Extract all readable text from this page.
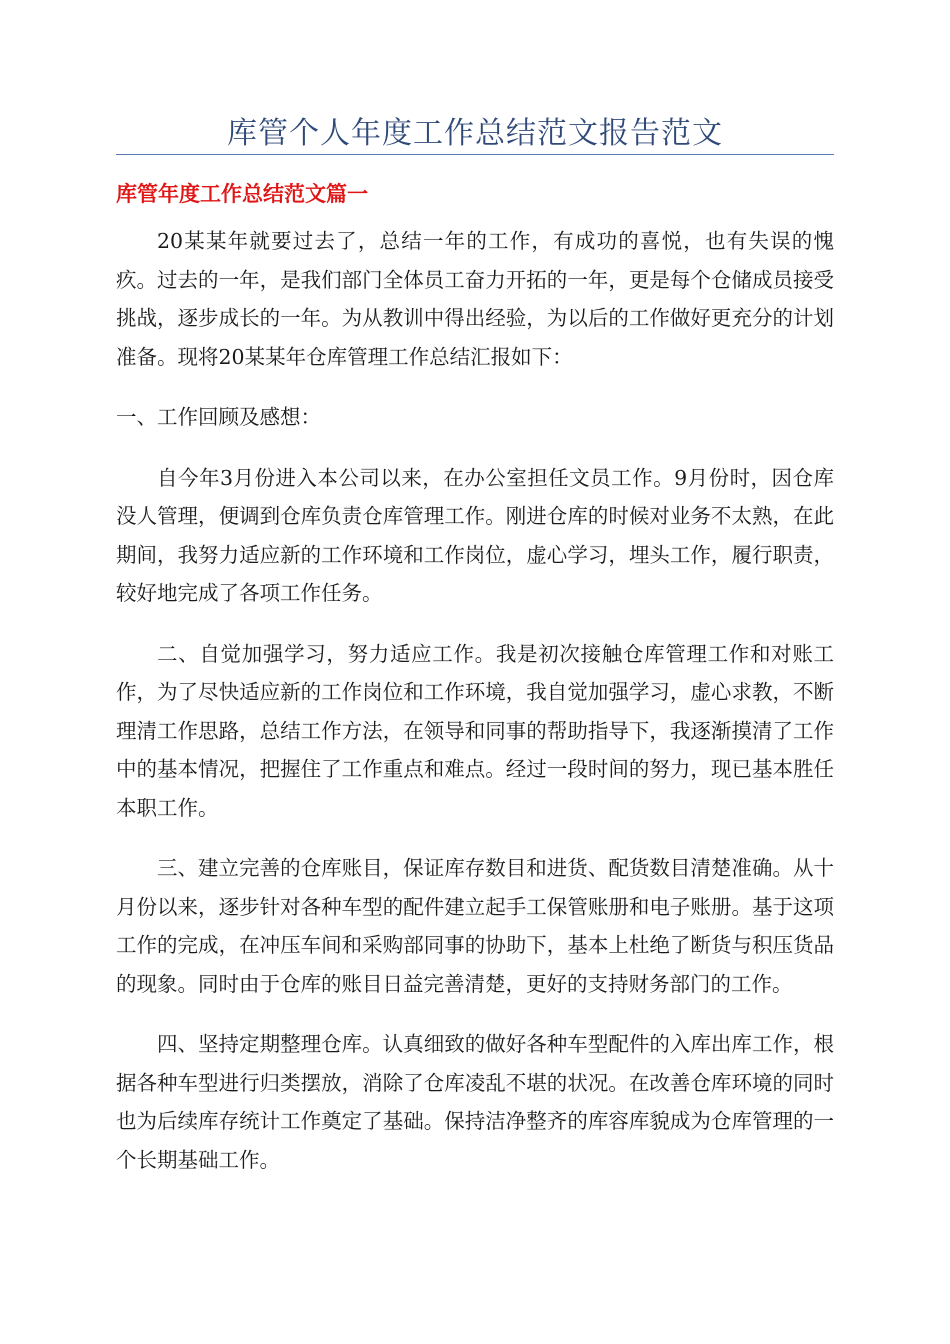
库管个人年度工作总结范文报告范文
库管年度工作总结范文篇一

20某某年就要过去了，总结一年的工作，有成功的喜悦，也有失误的愧疚。过去的一年，是我们部门全体员工奋力开拓的一年，更是每个仓储成员接受挑战，逐步成长的一年。为从教训中得出经验，为以后的工作做好更充分的计划准备。现将20某某年仓库管理工作总结汇报如下：

一、工作回顾及感想：

自今年3月份进入本公司以来，在办公室担任文员工作。9月份时，因仓库没人管理，便调到仓库负责仓库管理工作。刚进仓库的时候对业务不太熟，在此期间，我努力适应新的工作环境和工作岗位，虚心学习，埋头工作，履行职责，较好地完成了各项工作任务。

二、自觉加强学习，努力适应工作。我是初次接触仓库管理工作和对账工作，为了尽快适应新的工作岗位和工作环境，我自觉加强学习，虚心求教，不断理清工作思路，总结工作方法，在领导和同事的帮助指导下，我逐渐摸清了工作中的基本情况，把握住了工作重点和难点。经过一段时间的努力，现已基本胜任本职工作。

三、建立完善的仓库账目，保证库存数目和进货、配货数目清楚准确。从十月份以来，逐步针对各种车型的配件建立起手工保管账册和电子账册。基于这项工作的完成，在冲压车间和采购部同事的协助下，基本上杜绝了断货与积压货品的现象。同时由于仓库的账目日益完善清楚，更好的支持财务部门的工作。

四、坚持定期整理仓库。认真细致的做好各种车型配件的入库出库工作，根据各种车型进行归类摆放，消除了仓库凌乱不堪的状况。在改善仓库环境的同时也为后续库存统计工作奠定了基础。保持洁净整齐的库容库貌成为仓库管理的一个长期基础工作。
